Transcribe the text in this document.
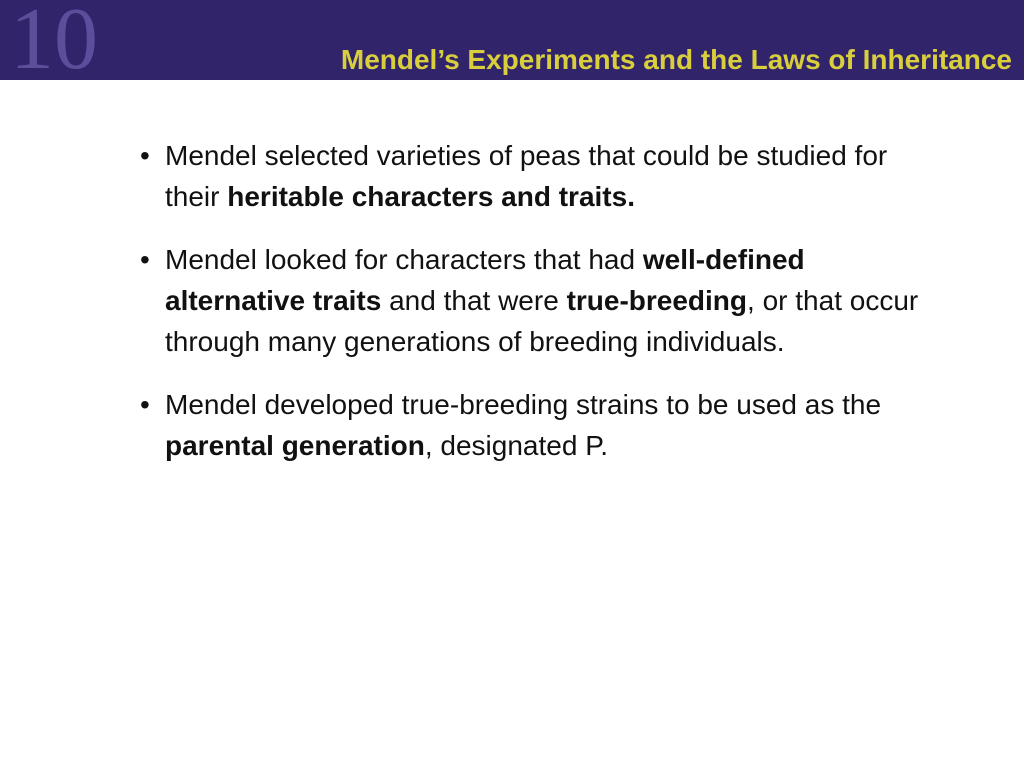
10	Mendel’s Experiments and the Laws of Inheritance
• Mendel selected varieties of peas that could be studied for their heritable characters and traits.
• Mendel looked for characters that had well-defined alternative traits and that were true-breeding, or that occur through many generations of breeding individuals.
• Mendel developed true-breeding strains to be used as the parental generation, designated P.
